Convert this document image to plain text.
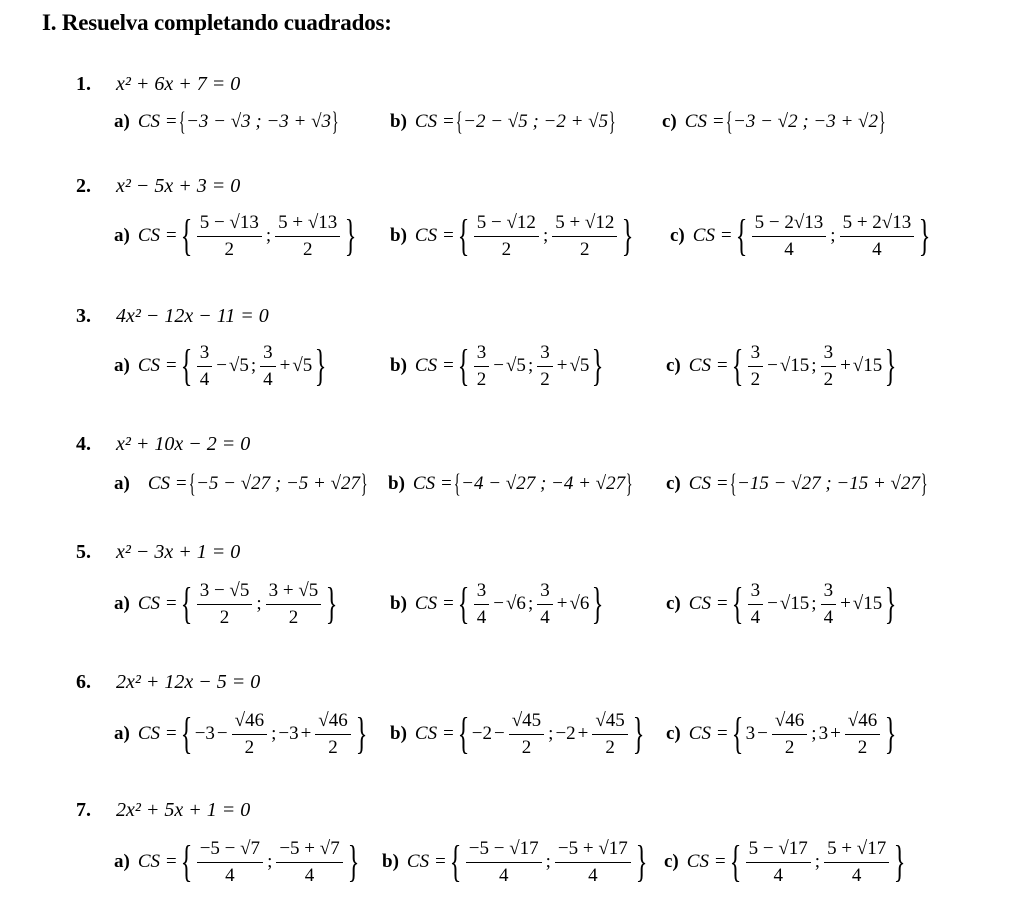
I. Resuelva completando cuadrados:
1.	x² + 6x + 7 = 0
a) CS = { −3 − √3 ; −3 + √3 }	b) CS = { −2 − √5 ; −2 + √5 } c) CS = { −3 − √2 ; −3 + √2 }
2.	x² − 5x + 3 = 0
a) CS = { $\frac{5 - √13}{2}$ ; $\frac{5 + √13}{2}$ } b) CS = { $\frac{5 - √12}{2}$ ; $\frac{5 + √12}{2}$ } c) CS = { $\frac{5 - 2√13}{4}$ ; $\frac{5 + 2√13}{4}$ }
3.	4x² − 12x − 11 = 0
a) CS = { $\frac{3}{4} - √5$ ; $\frac{3}{4} + √5$ }	b) CS = { $\frac{3}{2} - √5$ ; $\frac{3}{2} + √5$ }	c) CS = { $\frac{3}{2} - √15$ ; $\frac{3}{2} + √15$ }
4.	x² + 10x − 2 = 0
a) CS = { −5 − √27 ; −5 + √27 } b) CS = { −4 − √27 ; −4 + √27 } c) CS = { −15 − √27 ; −15 + √27 }
5.	x² − 3x + 1 = 0
a) CS = { $\frac{3 - √5}{2}$ ; $\frac{3 + √5}{2}$ }	b) CS = { $\frac{3}{4} - √6$ ; $\frac{3}{4} + √6$ }	c) CS = { $\frac{3}{4} - √15$ ; $\frac{3}{4} + √15$ }
6.	2x² + 12x − 5 = 0
a) CS = { $-3 - \frac{√46}{2}$ ; $-3 + \frac{√46}{2}$ } b) CS = { $-2 - \frac{√45}{2}$ ; $-2 + \frac{√45}{2}$ } c) CS = { $3 - \frac{√46}{2}$ ; $3 + \frac{√46}{2}$ }
7.	2x² + 5x + 1 = 0
a) CS = { $\frac{-5 - √7}{4}$ ; $\frac{-5 + √7}{4}$ } b) CS = { $\frac{-5 - √17}{4}$ ; $\frac{-5 + √17}{4}$ } c) CS = { $\frac{5 - √17}{4}$ ; $\frac{5 + √17}{4}$ }
